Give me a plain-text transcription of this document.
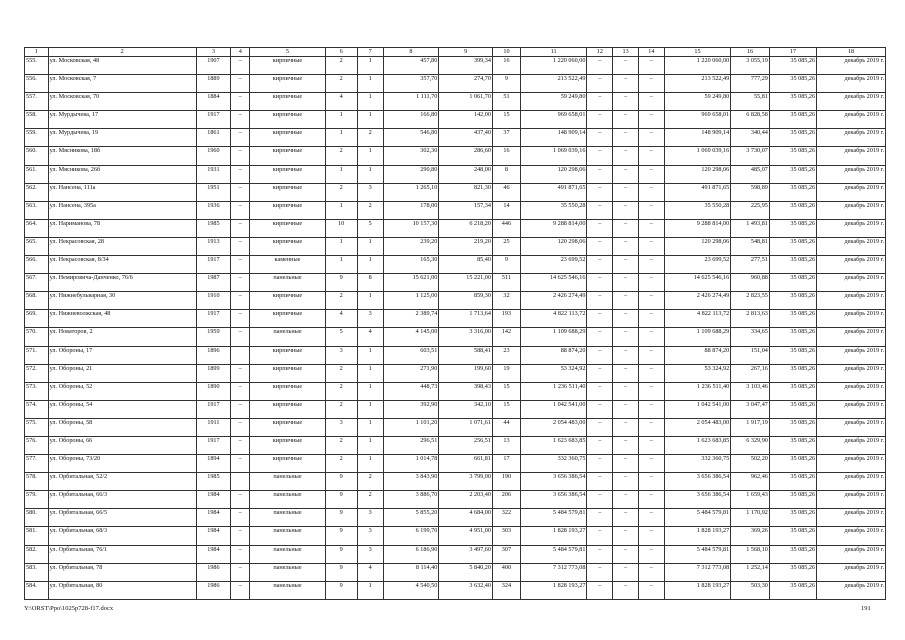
1	2	3	4	5	6	7	8	9	10	11	12	13	14	15	16	17	18
555.	ул. Московская, 48	1907	–	кирпичные	2	1	457,80	399,34	16	1 220 060,00	–	–	–	1 220 060,00	3 055,19	35 085,26	декабрь 2019 г.
556.	ул. Московская, 7	1889	–	кирпичные	2	1	357,70	274,70	9	213 522,49	–	–	–	213 522,49	777,29	35 085,26	декабрь 2019 г.
557.	ул. Московская, 70	1884	–	кирпичные	4	1	1 111,70	1 061,70	51	59 249,80	–	–	–	59 249,80	55,81	35 085,26	декабрь 2019 г.
558.	ул. Мурдычева, 17	1917	–	кирпичные	1	1	166,80	142,00	15	969 658,01	–	–	–	969 658,01	6 828,58	35 085,26	декабрь 2019 г.
559.	ул. Мурдычева, 19	1861	–	кирпичные	1	2	546,80	437,40	37	148 909,14	–	–	–	148 909,14	340,44	35 085,26	декабрь 2019 г.
560.	ул. Мясникова, 18б	1960	–	кирпичные	2	1	302,30	286,60	16	1 069 039,16	–	–	–	1 069 039,16	3 730,07	35 085,26	декабрь 2019 г.
561.	ул. Мясникова, 26б	1931	–	кирпичные	1	1	290,80	248,00	8	120 298,06	–	–	–	120 298,06	485,07	35 085,26	декабрь 2019 г.
562.	ул. Нансена, 111а	1951	–	кирпичные	2	3	1 265,10	821,30	46	491 871,65	–	–	–	491 871,65	598,89	35 085,26	декабрь 2019 г.
563.	ул. Нансена, 395а	1936	–	кирпичные	1	2	178,00	157,34	14	35 550,28	–	–	–	35 550,28	225,95	35 085,26	декабрь 2019 г.
564.	ул. Нариманова, 78	1985	–	кирпичные	10	5	10 157,30	6 218,20	446	9 288 814,00	–	–	–	9 288 814,00	1 493,81	35 085,26	декабрь 2019 г.
565.	ул. Некрасовская, 28	1913	–	кирпичные	1	1	239,20	219,20	25	120 298,06	–	–	–	120 298,06	548,81	35 085,26	декабрь 2019 г.
566.	ул. Некрасовская, 8/34	1917	–	каменные	1	1	165,30	85,40	9	23 699,52	–	–	–	23 699,52	277,51	35 085,26	декабрь 2019 г.
567.	ул. Немировича-Данченко, 76/6	1987	–	панельные	9	8	15 621,00	15 221,00	511	14 625 546,16	–	–	–	14 625 546,16	960,88	35 085,26	декабрь 2019 г.
568.	ул. Нижнебульварная, 30	1910	–	кирпичные	2	1	1 125,00	859,30	32	2 426 274,49	–	–	–	2 426 274,49	2 823,55	35 085,26	декабрь 2019 г.
569.	ул. Нижневолжская, 48	1917	–	кирпичные	4	3	2 389,74	1 713,64	193	4 822 113,72	–	–	–	4 822 113,72	2 813,63	35 085,26	декабрь 2019 г.
570.	ул. Новаторов, 2	1959	–	панельные	5	4	4 145,00	3 316,00	142	1 109 688,29	–	–	–	1 109 688,29	334,65	35 085,26	декабрь 2019 г.
571.	ул. Обороны, 17	1896		кирпичные	3	1	603,51	588,41	23	88 874,20	–	–	–	88 874,20	151,04	35 085,26	декабрь 2019 г.
572.	ул. Обороны, 21	1899	–	кирпичные	2	1	271,90	199,60	19	53 324,92	–	–	–	53 324,92	267,16	35 085,26	декабрь 2019 г.
573.	ул. Обороны, 52	1890	–	кирпичные	2	1	448,73	398,43	15	1 236 511,40	–	–	–	1 236 511,40	3 103,46	35 085,26	декабрь 2019 г.
574.	ул. Обороны, 54	1917	–	кирпичные	2	1	392,90	342,10	15	1 042 541,00	–	–	–	1 042 541,00	3 047,47	35 085,26	декабрь 2019 г.
575.	ул. Обороны, 58	1911	–	кирпичные	3	1	1 101,20	1 071,61	44	2 054 483,00	–	–	–	2 054 483,00	1 917,19	35 085,26	декабрь 2019 г.
576.	ул. Обороны, 66	1917	–	кирпичные	2	1	296,51	256,51	13	1 623 683,85	–	–	–	1 623 683,85	6 329,90	35 085,26	декабрь 2019 г.
577.	ул. Обороны, 73/20	1894	–	кирпичные	2	1	1 014,78	661,81	17	332 360,75	–	–	–	332 360,75	502,20	35 085,26	декабрь 2019 г.
578.	ул. Орбитальная, 52/2	1985		панельные	9	2	3 843,90	3 799,00	190	3 656 386,54	–	–	–	3 656 386,54	962,46	35 085,26	декабрь 2019 г.
579.	ул. Орбитальная, 66/3	1984	–	панельные	9	2	3 886,70	2 203,40	206	3 656 386,54	–	–	–	3 656 386,54	1 659,43	35 085,26	декабрь 2019 г.
580.	ул. Орбитальная, 66/5	1984	–	панельные	9	3	5 855,20	4 684,00	322	5 484 579,81	–	–	–	5 484 579,81	1 170,92	35 085,26	декабрь 2019 г.
581.	ул. Орбитальная, 68/3	1984	–	панельные	9	3	6 199,70	4 951,00	303	1 828 193,27	–	–	–	1 828 193,27	369,26	35 085,26	декабрь 2019 г.
582.	ул. Орбитальная, 76/1	1984	–	панельные	9	3	6 186,90	3 497,60	307	5 484 579,81	–	–	–	5 484 579,81	1 568,10	35 085,26	декабрь 2019 г.
583.	ул. Орбитальная, 78	1986	–	панельные	9	4	8 114,40	5 840,20	400	7 312 773,08	–	–	–	7 312 773,08	1 252,14	35 085,26	декабрь 2019 г.
584.	ул. Орбитальная, 80	1986	–	панельные	9	1	4 540,50	3 632,40	324	1 828 193,27	–	–	–	1 828 193,27	503,30	35 085,26	декабрь 2019 г.
Y:\ORST\Ppo\1025p728-f17.docx	191
